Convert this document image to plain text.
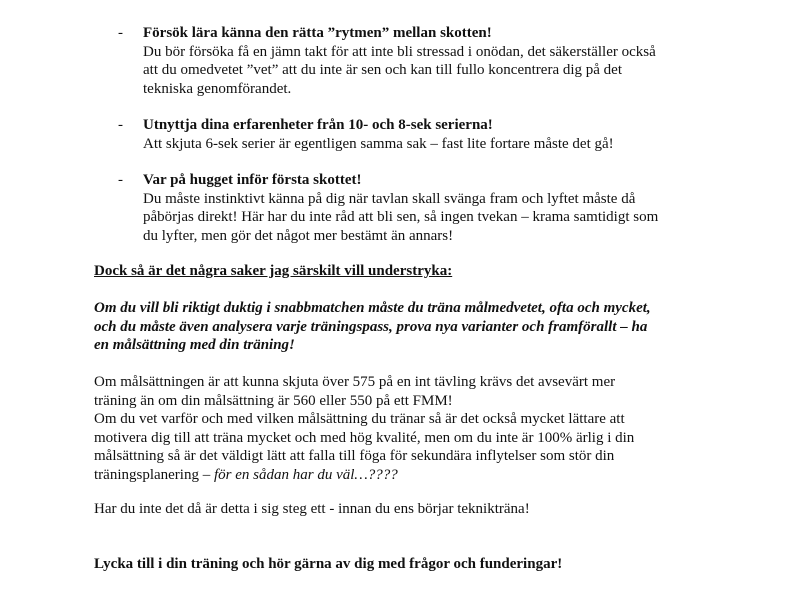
- Försök lära känna den rätta ”rytmen” mellan skotten!
Du bör försöka få en jämn takt för att inte bli stressad i onödan, det säkerställer också
att du omedvetet ”vet” att du inte är sen och kan till fullo koncentrera dig på det
tekniska genomförandet.
- Utnyttja dina erfarenheter från 10- och 8-sek serierna!
Att skjuta 6-sek serier är egentligen samma sak – fast lite fortare måste det gå!
- Var på hugget inför första skottet!
Du måste instinktivt känna på dig när tavlan skall svänga fram och lyftet måste då
påbörjas direkt! Här har du inte råd att bli sen, så ingen tvekan – krama samtidigt som
du lyfter, men gör det något mer bestämt än annars!
Dock så är det några saker jag särskilt vill understryka:
Om du vill bli riktigt duktig i snabbmatchen måste du träna målmedvetet, ofta och mycket,
och du måste även analysera varje träningspass, prova nya varianter och framförallt – ha
en målsättning med din träning!
Om målsättningen är att kunna skjuta över 575 på en int tävling krävs det avsevärt mer
träning än om din målsättning är 560 eller 550 på ett FMM!
Om du vet varför och med vilken målsättning du tränar så är det också mycket lättare att
motivera dig till att träna mycket och med hög kvalité, men om du inte är 100% ärlig i din
målsättning så är det väldigt lätt att falla till föga för sekundära inflytelser som stör din
träningsplanering – för en sådan har du väl…????
Har du inte det då är detta i sig steg ett - innan du ens börjar teknikträna!
Lycka till i din träning och hör gärna av dig med frågor och funderingar!
